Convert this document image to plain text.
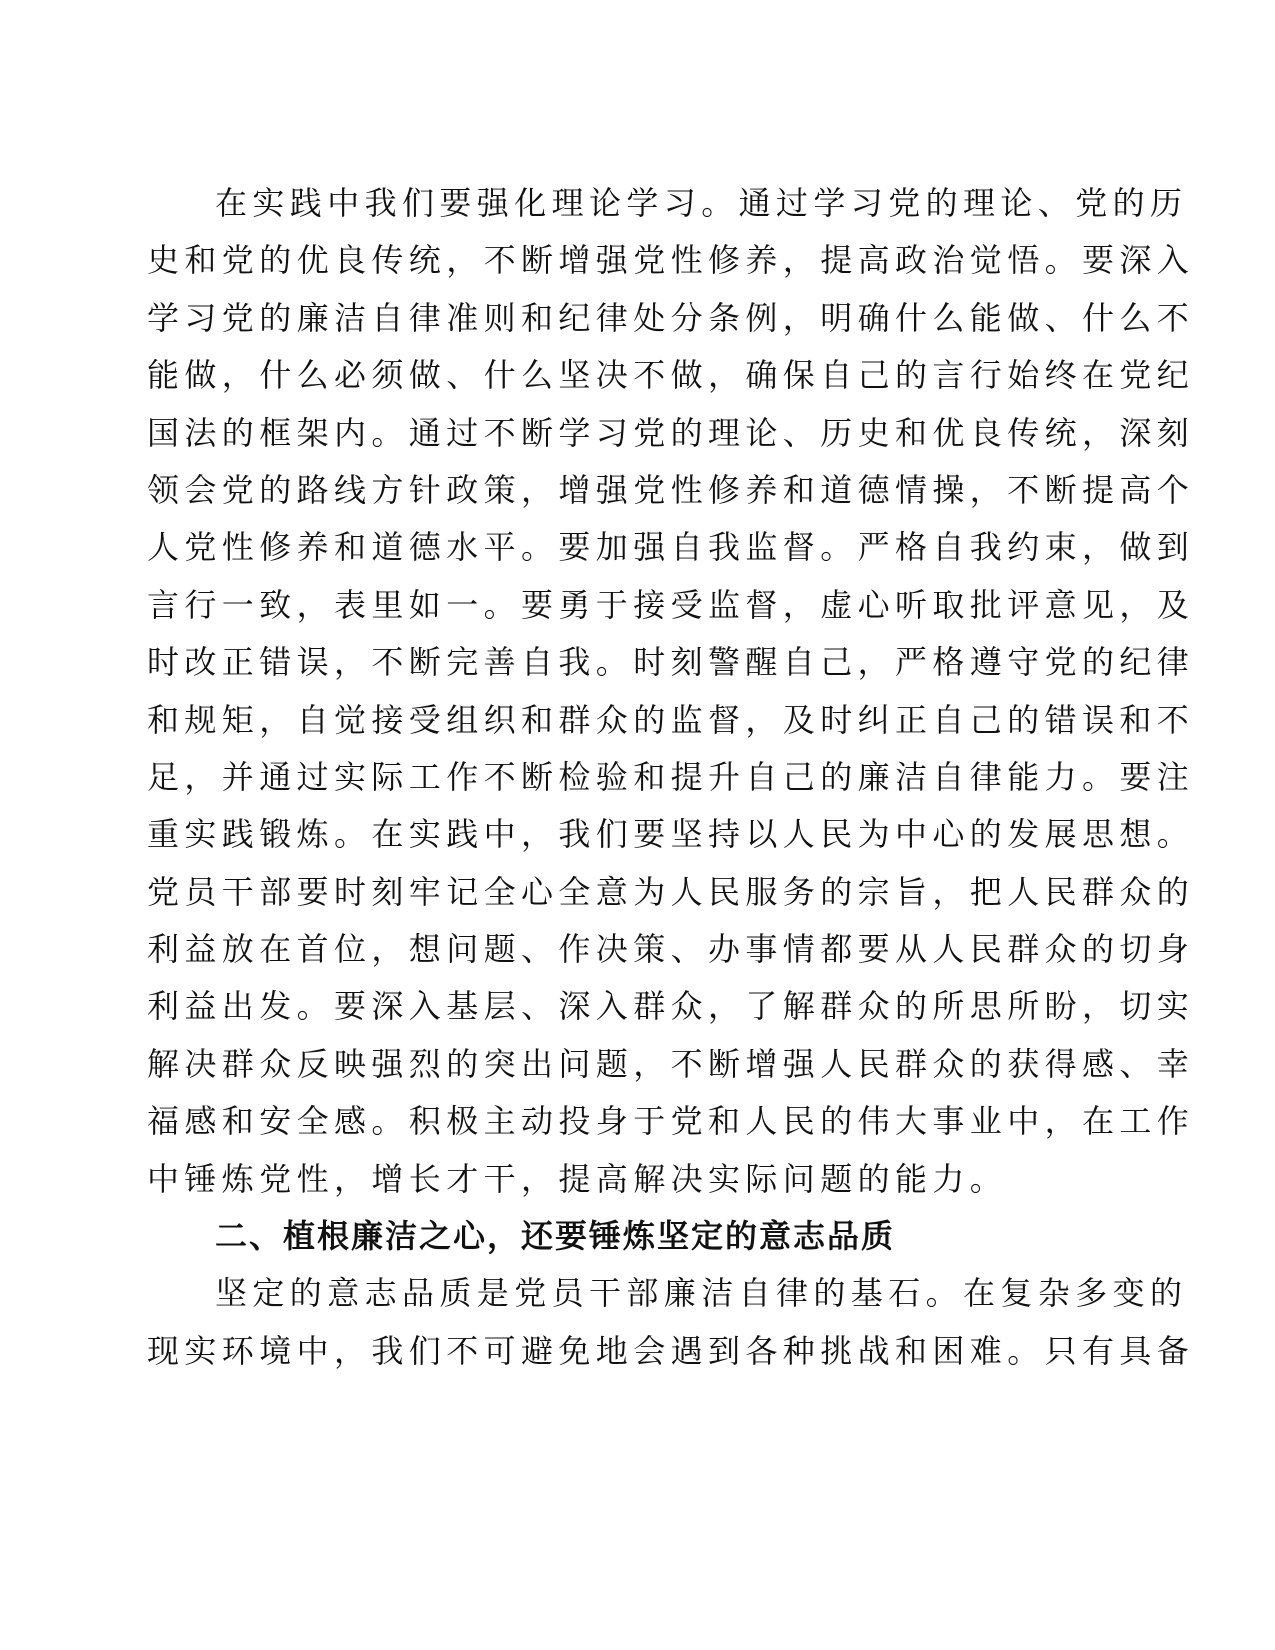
在实践中我们要强化理论学习。通过学习党的理论、党的历
史和党的优良传统，不断增强党性修养，提高政治觉悟。要深入
学习党的廉洁自律准则和纪律处分条例，明确什么能做、什么不
能做，什么必须做、什么坚决不做，确保自己的言行始终在党纪
国法的框架内。通过不断学习党的理论、历史和优良传统，深刻
领会党的路线方针政策，增强党性修养和道德情操，不断提高个
人党性修养和道德水平。要加强自我监督。严格自我约束，做到
言行一致，表里如一。要勇于接受监督，虚心听取批评意见，及
时改正错误，不断完善自我。时刻警醒自己，严格遵守党的纪律
和规矩，自觉接受组织和群众的监督，及时纠正自己的错误和不
足，并通过实际工作不断检验和提升自己的廉洁自律能力。要注
重实践锻炼。在实践中，我们要坚持以人民为中心的发展思想。
党员干部要时刻牢记全心全意为人民服务的宗旨，把人民群众的
利益放在首位，想问题、作决策、办事情都要从人民群众的切身
利益出发。要深入基层、深入群众，了解群众的所思所盼，切实
解决群众反映强烈的突出问题，不断增强人民群众的获得感、幸
福感和安全感。积极主动投身于党和人民的伟大事业中，在工作
中锤炼党性，增长才干，提高解决实际问题的能力。
二、植根廉洁之心，还要锤炼坚定的意志品质
坚定的意志品质是党员干部廉洁自律的基石。在复杂多变的
现实环境中，我们不可避免地会遇到各种挑战和困难。只有具备
